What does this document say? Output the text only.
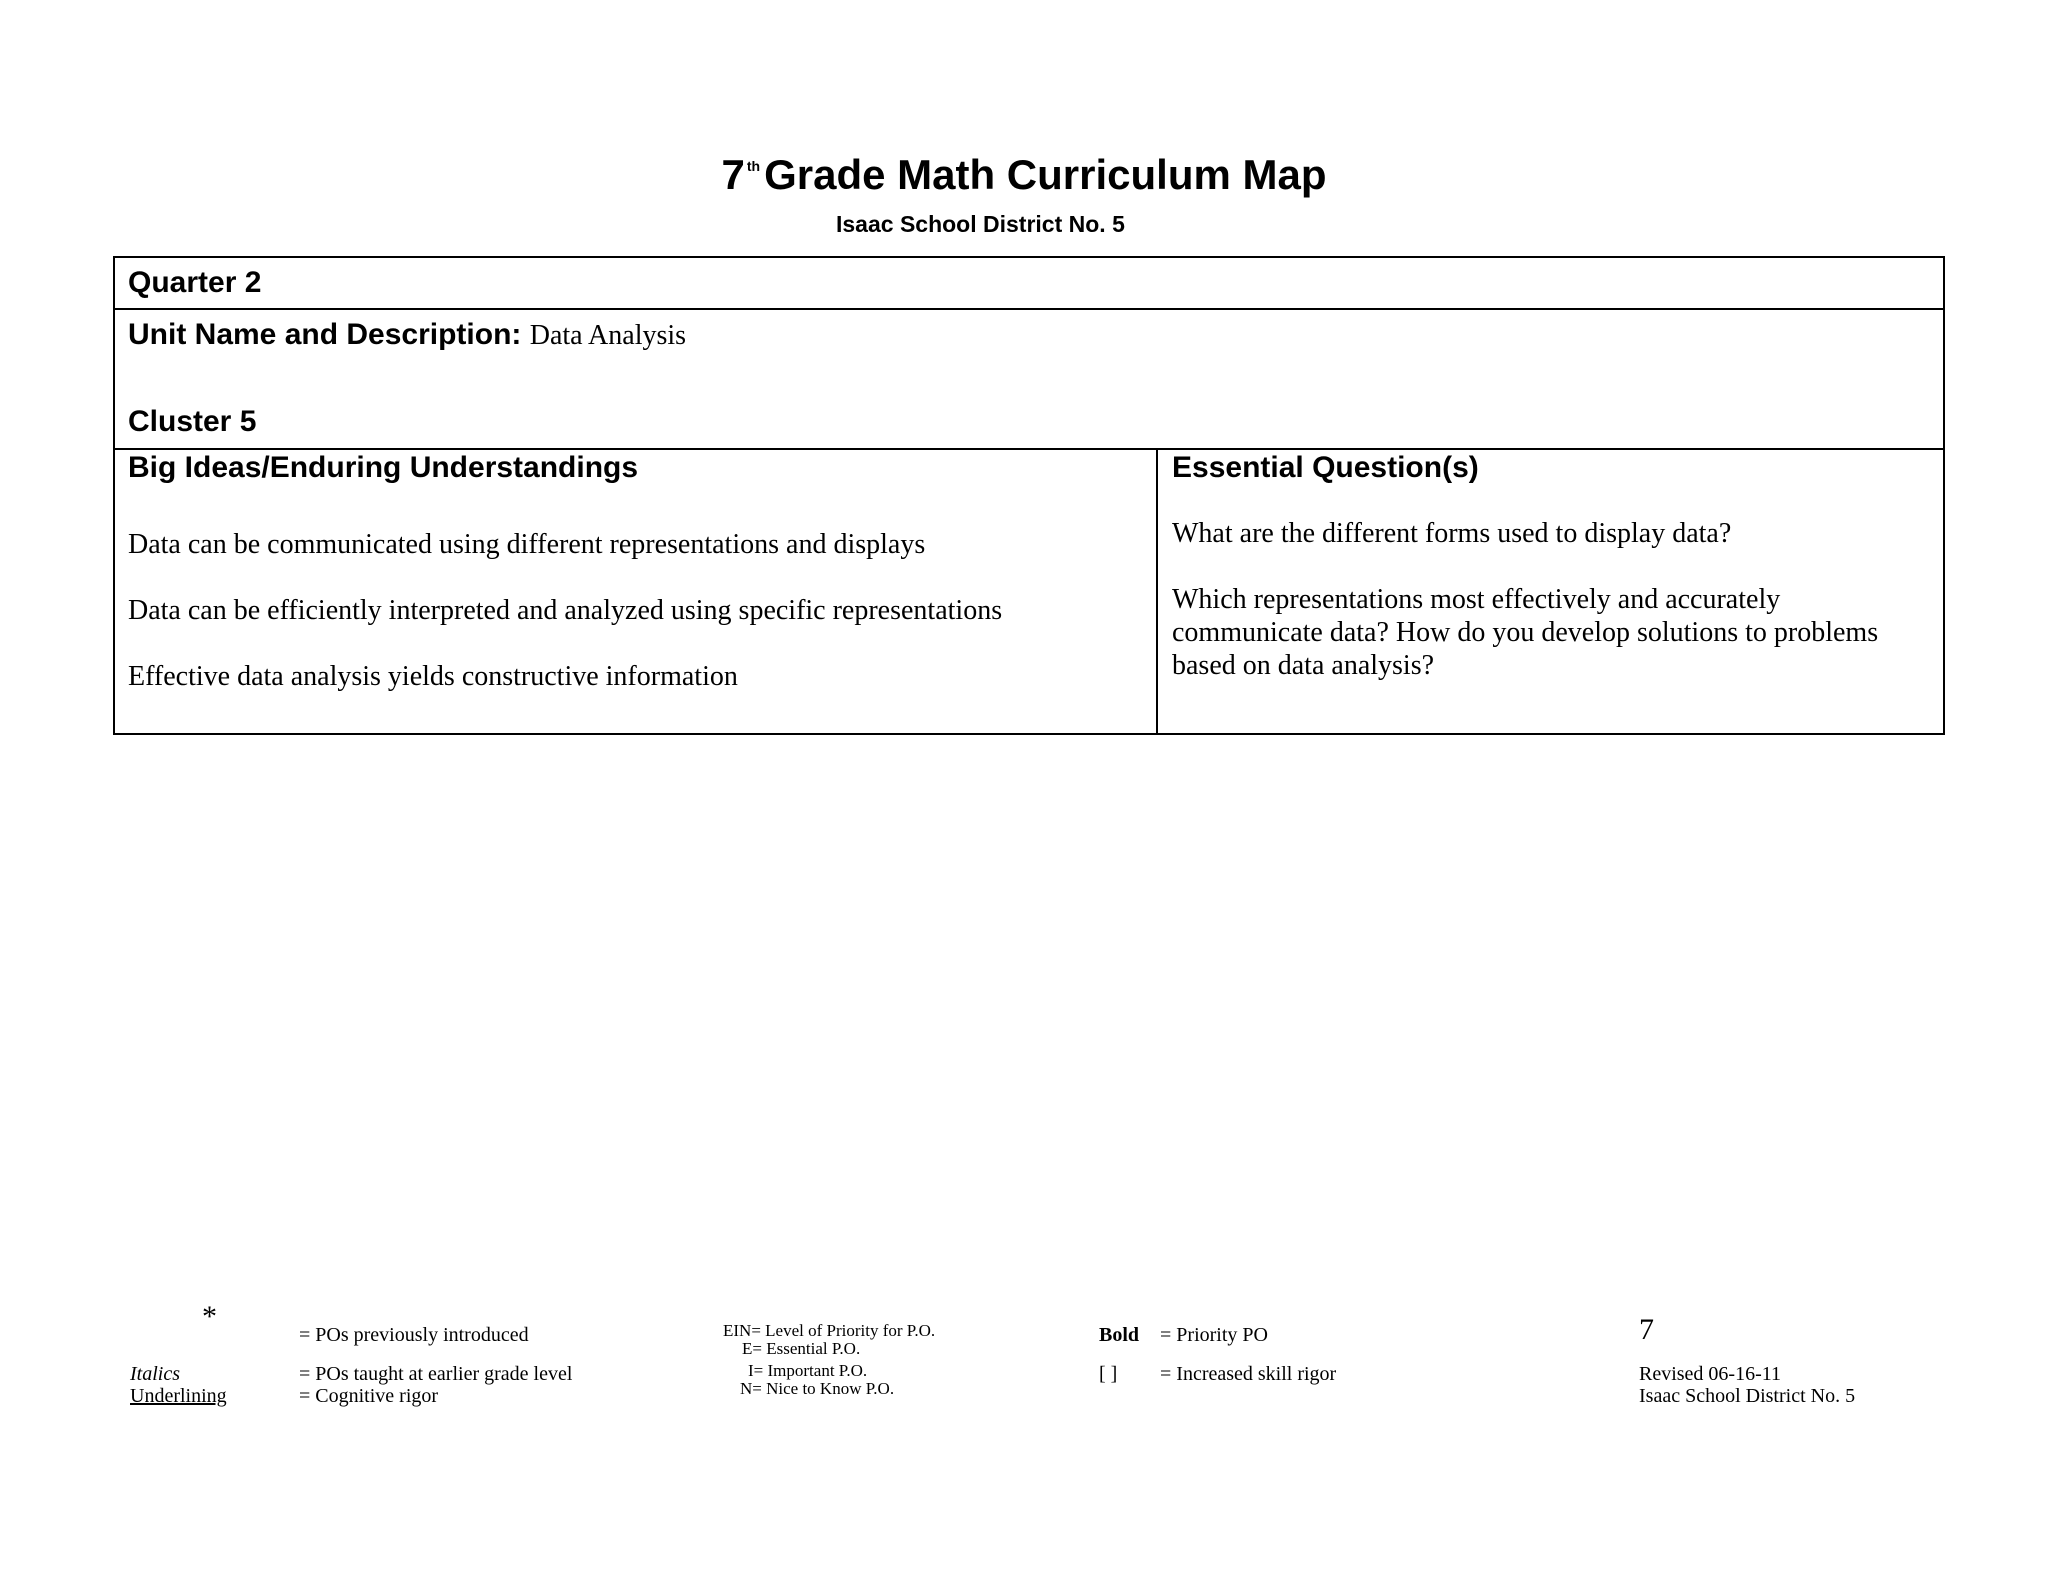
7 $^{th}$Grade Math Curriculum Map
Isaac School District No. 5
Quarter 2
Unit Name and Description: Data Analysis
Cluster 5
Big Ideas/Enduring Understandings
Data can be communicated using different representations and displays
Data can be efficiently interpreted and analyzed using specific representations
Effective data analysis yields constructive information
Essential Question(s)
What are the different forms used to display data?
Which representations most effectively and accurately communicate data? How do you develop solutions to problems based on data analysis?
*
= POs previously introduced
Italics	= POs taught at earlier grade level
Underlining	= Cognitive rigor
EIN= Level of Priority for P.O.
E= Essential P.O.
I= Important P.O.
N= Nice to Know P.O.
Bold = Priority PO
[ ] = Increased skill rigor
7
Revised 06-16-11
Isaac School District No. 5
